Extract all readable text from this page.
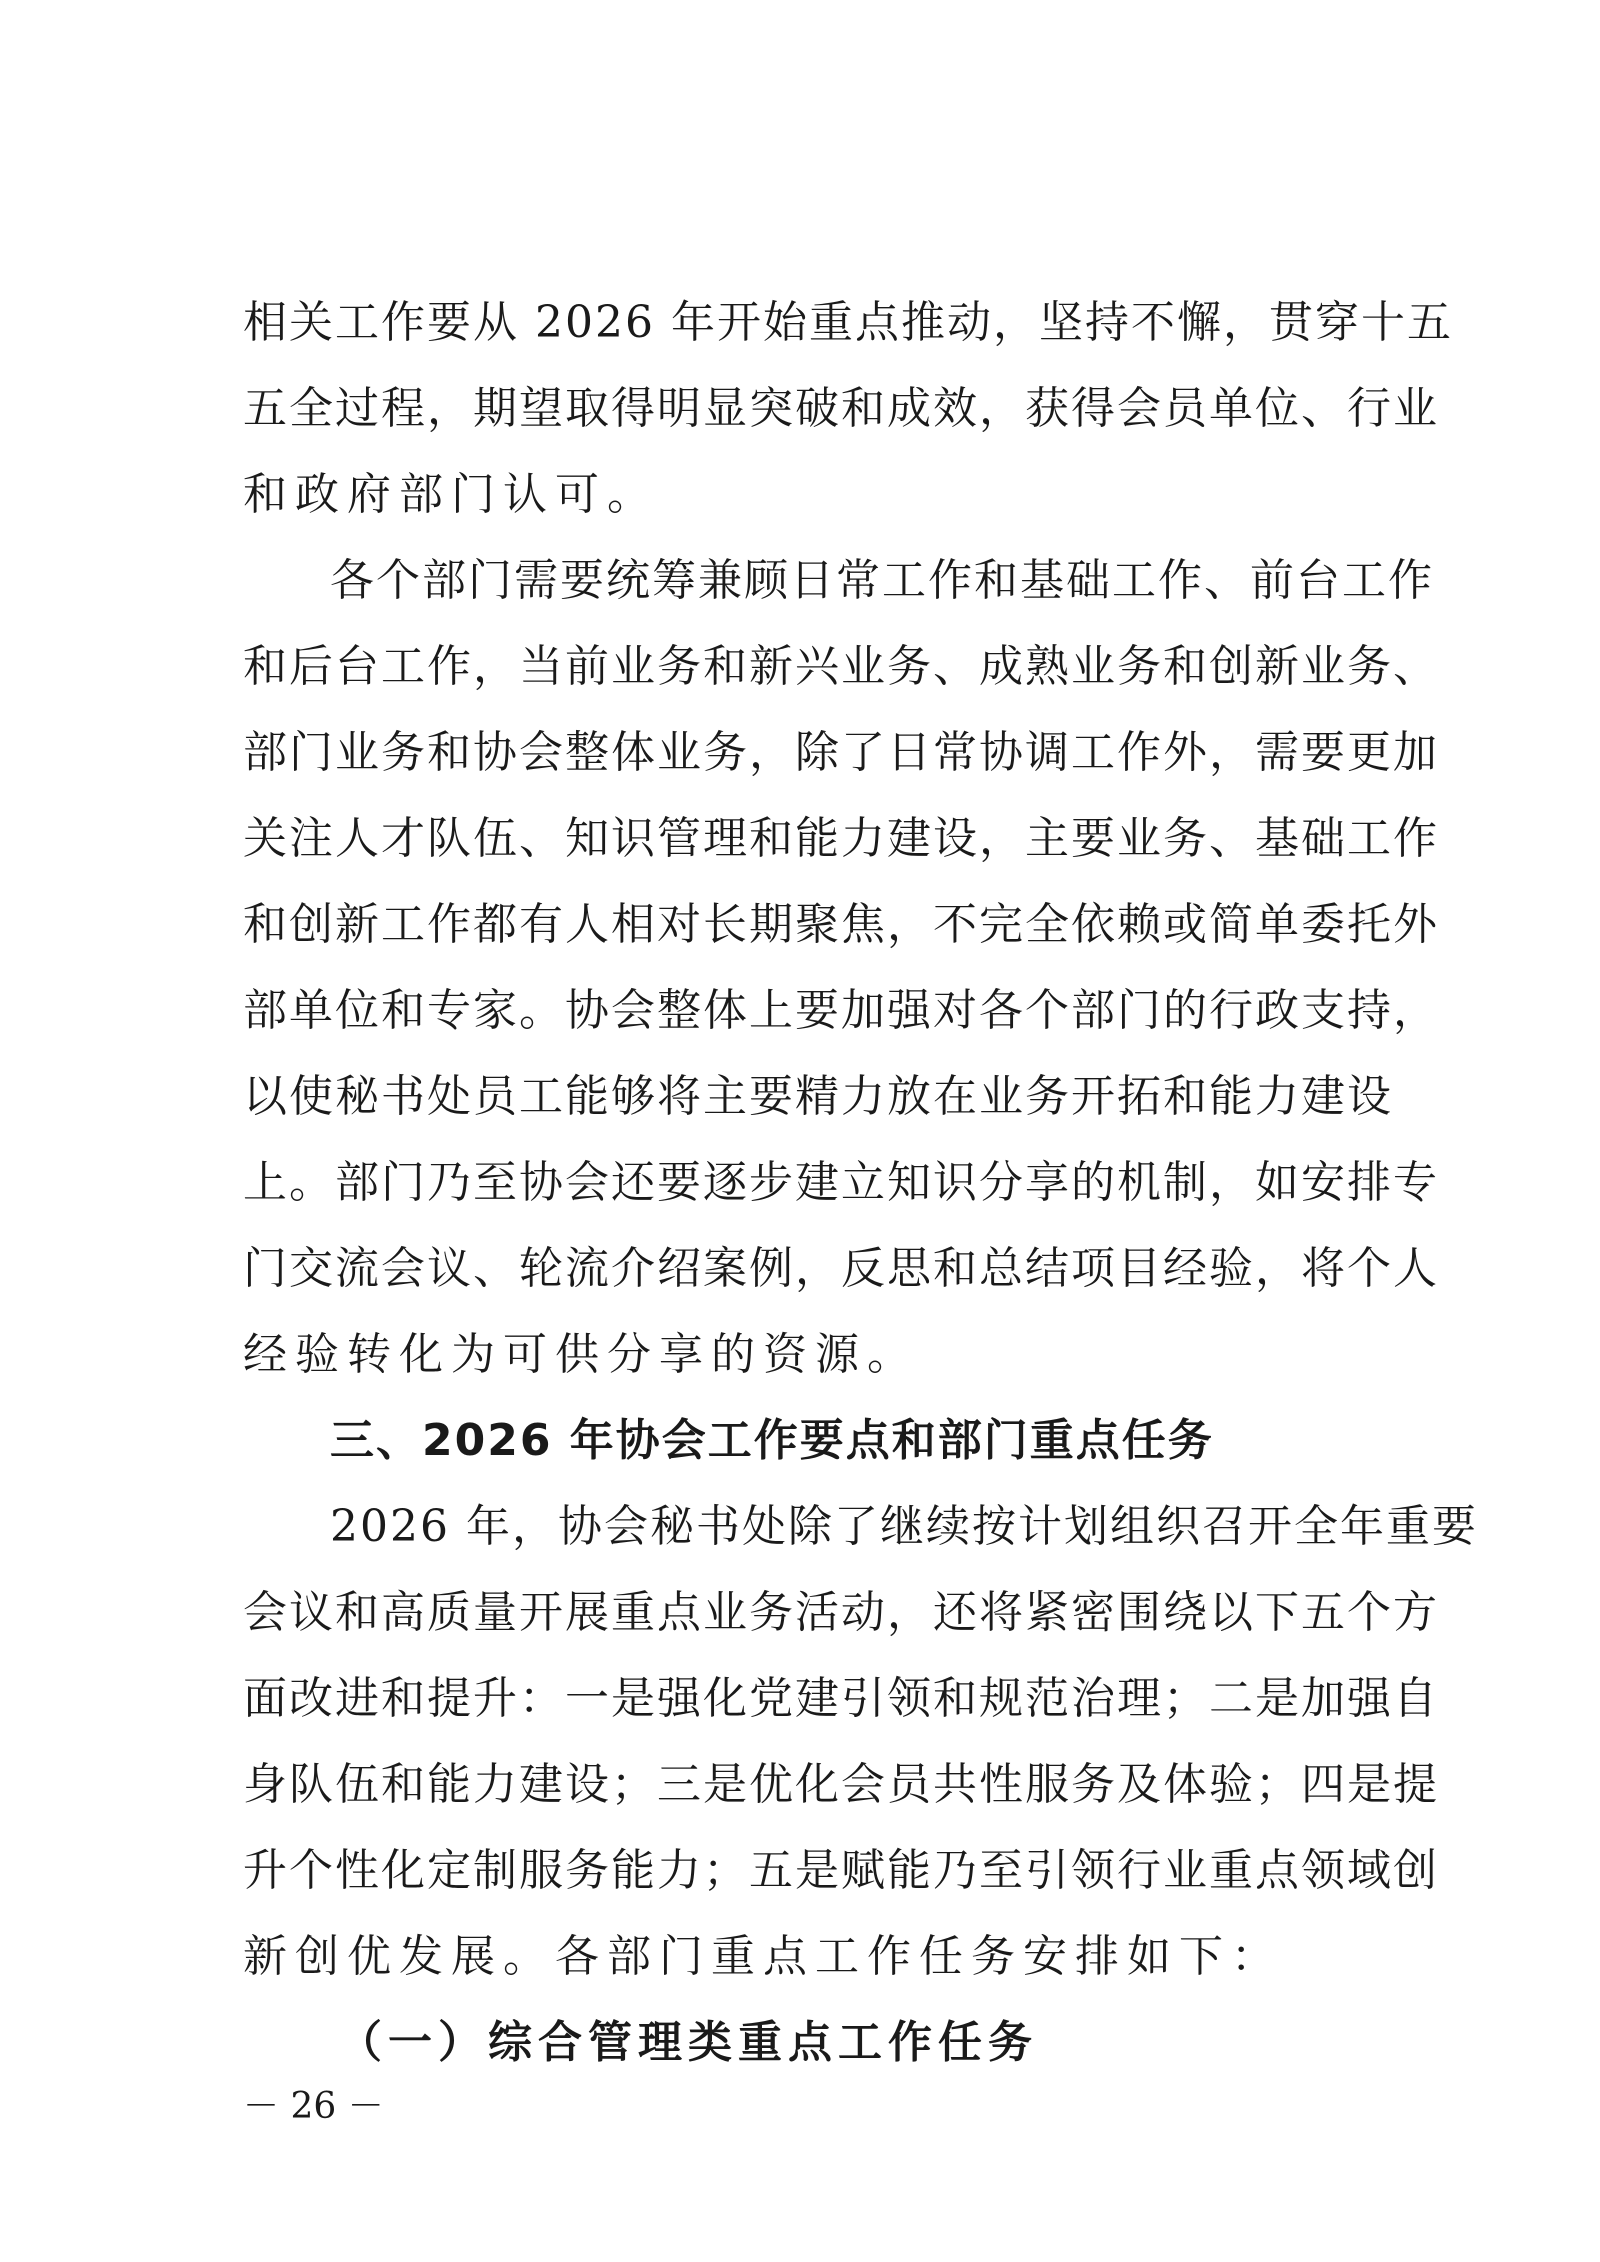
相关工作要从 2026 年开始重点推动，坚持不懈，贯穿十五
五全过程，期望取得明显突破和成效，获得会员单位、行业
和政府部门认可。
各个部门需要统筹兼顾日常工作和基础工作、前台工作
和后台工作，当前业务和新兴业务、成熟业务和创新业务、
部门业务和协会整体业务，除了日常协调工作外，需要更加
关注人才队伍、知识管理和能力建设，主要业务、基础工作
和创新工作都有人相对长期聚焦，不完全依赖或简单委托外
部单位和专家。协会整体上要加强对各个部门的行政支持，
以使秘书处员工能够将主要精力放在业务开拓和能力建设
上。部门乃至协会还要逐步建立知识分享的机制，如安排专
门交流会议、轮流介绍案例，反思和总结项目经验，将个人
经验转化为可供分享的资源。
三、2026 年协会工作要点和部门重点任务
2026 年，协会秘书处除了继续按计划组织召开全年重要
会议和高质量开展重点业务活动，还将紧密围绕以下五个方
面改进和提升：一是强化党建引领和规范治理；二是加强自
身队伍和能力建设；三是优化会员共性服务及体验；四是提
升个性化定制服务能力；五是赋能乃至引领行业重点领域创
新创优发展。各部门重点工作任务安排如下：
（一）综合管理类重点工作任务
－ 26 －
